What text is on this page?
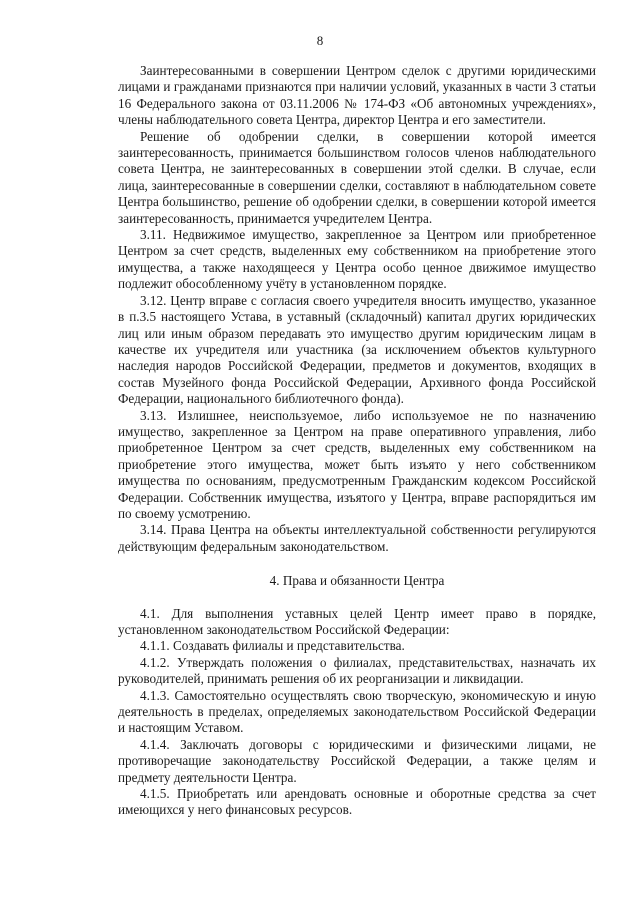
8

Заинтересованными в совершении Центром сделок с другими юридическими лицами и гражданами признаются при наличии условий, указанных в части 3 статьи 16 Федерального закона от 03.11.2006 № 174-ФЗ «Об автономных учреждениях», члены наблюдательного совета Центра, директор Центра и его заместители.

Решение об одобрении сделки, в совершении которой имеется заинтересованность, принимается большинством голосов членов наблюдательного совета Центра, не заинтересованных в совершении этой сделки. В случае, если лица, заинтересованные в совершении сделки, составляют в наблюдательном совете Центра большинство, решение об одобрении сделки, в совершении которой имеется заинтересованность, принимается учредителем Центра.

3.11. Недвижимое имущество, закрепленное за Центром или приобретенное Центром за счет средств, выделенных ему собственником на приобретение этого имущества, а также находящееся у Центра особо ценное движимое имущество подлежит обособленному учёту в установленном порядке.

3.12. Центр вправе с согласия своего учредителя вносить имущество, указанное в п.3.5 настоящего Устава, в уставный (складочный) капитал других юридических лиц или иным образом передавать это имущество другим юридическим лицам в качестве их учредителя или участника (за исключением объектов культурного наследия народов Российской Федерации, предметов и документов, входящих в состав Музейного фонда Российской Федерации, Архивного фонда Российской Федерации, национального библиотечного фонда).

3.13. Излишнее, неиспользуемое, либо используемое не по назначению имущество, закрепленное за Центром на праве оперативного управления, либо приобретенное Центром за счет средств, выделенных ему собственником на приобретение этого имущества, может быть изъято у него собственником имущества по основаниям, предусмотренным Гражданским кодексом Российской Федерации. Собственник имущества, изъятого у Центра, вправе распорядиться им по своему усмотрению.

3.14. Права Центра на объекты интеллектуальной собственности регулируются действующим федеральным законодательством.

4. Права и обязанности Центра

4.1. Для выполнения уставных целей Центр имеет право в порядке, установленном законодательством Российской Федерации:

4.1.1. Создавать филиалы и представительства.

4.1.2. Утверждать положения о филиалах, представительствах, назначать их руководителей, принимать решения об их реорганизации и ликвидации.

4.1.3. Самостоятельно осуществлять свою творческую, экономическую и иную деятельность в пределах, определяемых законодательством Российской Федерации и настоящим Уставом.

4.1.4. Заключать договоры с юридическими и физическими лицами, не противоречащие законодательству Российской Федерации, а также целям и предмету деятельности Центра.

4.1.5. Приобретать или арендовать основные и оборотные средства за счет имеющихся у него финансовых ресурсов.
